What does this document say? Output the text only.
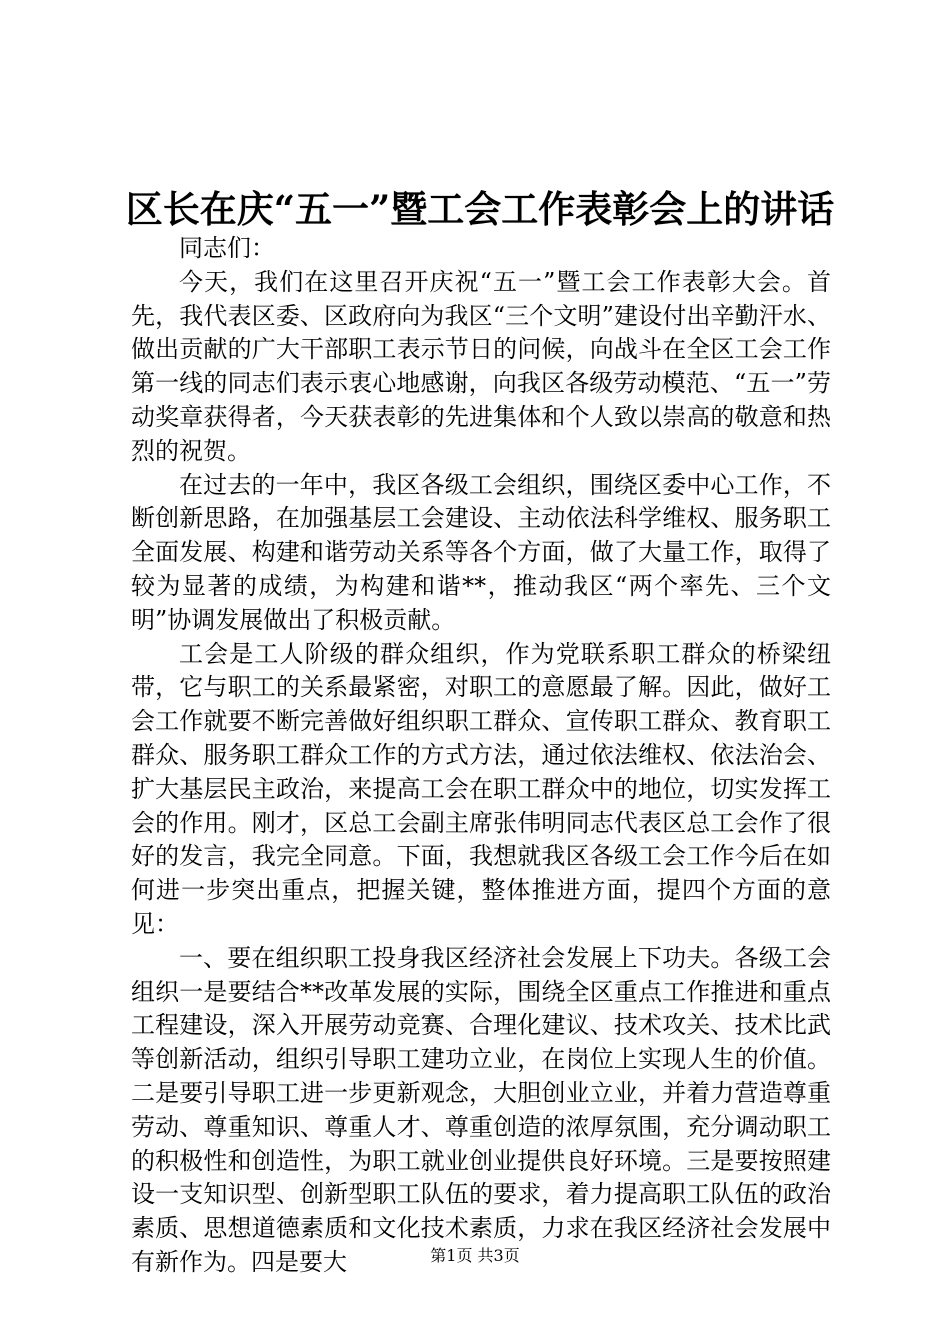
区长在庆“五一”暨工会工作表彰会上的讲话

同志们：

今天，我们在这里召开庆祝“五一”暨工会工作表彰大会。首先，我代表区委、区政府向为我区“三个文明”建设付出辛勤汗水、做出贡献的广大干部职工表示节日的问候，向战斗在全区工会工作第一线的同志们表示衷心地感谢，向我区各级劳动模范、“五一”劳动奖章获得者，今天获表彰的先进集体和个人致以崇高的敬意和热烈的祝贺。

在过去的一年中，我区各级工会组织，围绕区委中心工作，不断创新思路，在加强基层工会建设、主动依法科学维权、服务职工全面发展、构建和谐劳动关系等各个方面，做了大量工作，取得了较为显著的成绩，为构建和谐**，推动我区“两个率先、三个文明”协调发展做出了积极贡献。

工会是工人阶级的群众组织，作为党联系职工群众的桥梁纽带，它与职工的关系最紧密，对职工的意愿最了解。因此，做好工会工作就要不断完善做好组织职工群众、宣传职工群众、教育职工群众、服务职工群众工作的方式方法，通过依法维权、依法治会、扩大基层民主政治，来提高工会在职工群众中的地位，切实发挥工会的作用。刚才，区总工会副主席张伟明同志代表区总工会作了很好的发言，我完全同意。下面，我想就我区各级工会工作今后在如何进一步突出重点，把握关键，整体推进方面，提四个方面的意见：

一、要在组织职工投身我区经济社会发展上下功夫。各级工会组织一是要结合**改革发展的实际，围绕全区重点工作推进和重点工程建设，深入开展劳动竞赛、合理化建议、技术攻关、技术比武等创新活动，组织引导职工建功立业，在岗位上实现人生的价值。二是要引导职工进一步更新观念，大胆创业立业，并着力营造尊重劳动、尊重知识、尊重人才、尊重创造的浓厚氛围，充分调动职工的积极性和创造性，为职工就业创业提供良好环境。三是要按照建设一支知识型、创新型职工队伍的要求，着力提高职工队伍的政治素质、思想道德素质和文化技术素质，力求在我区经济社会发展中有新作为。四是要大	第1页 共3页
